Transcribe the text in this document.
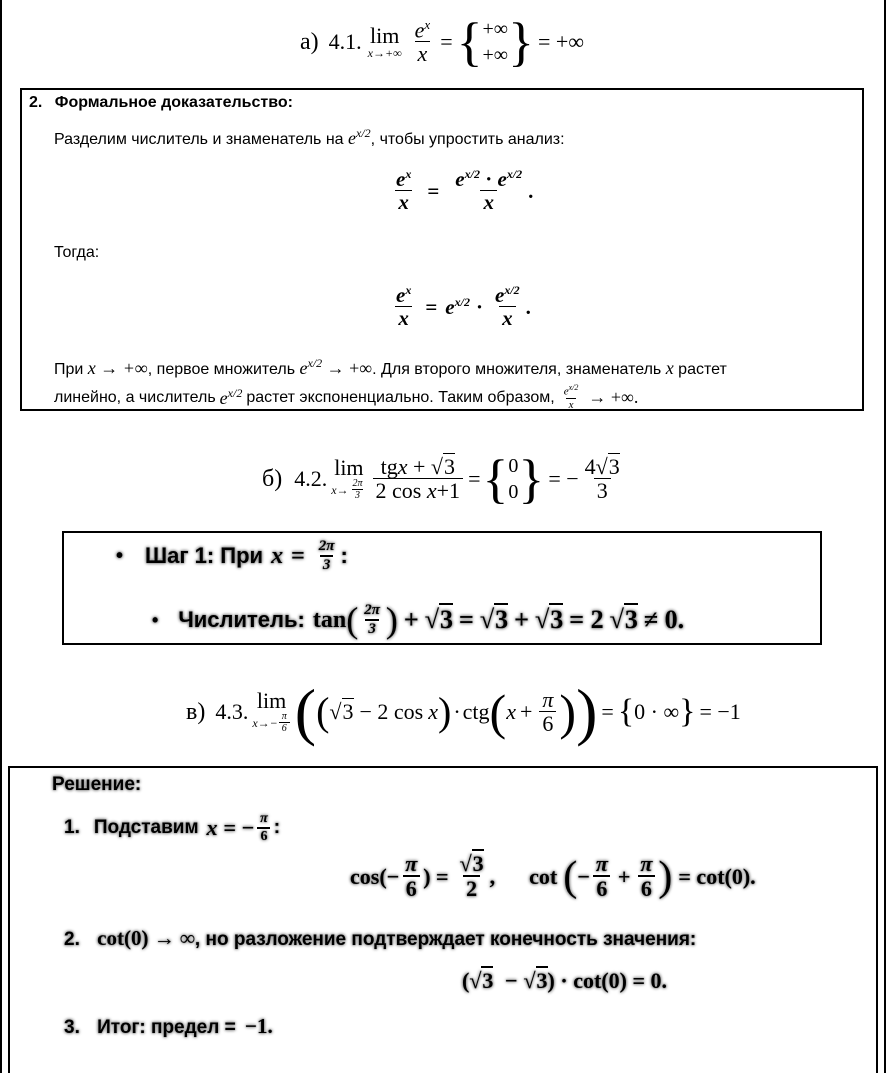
а) 4.1. lim
$x\to+\infty \frac{e^x}{x}$ = { +∞
+∞ } = +∞
2. Формальное доказательство:
Разделим числитель и знаменатель на $e^{x/2}$, чтобы упростить анализ:
$\frac{e^x}{x} = \frac{e^{x/2} \cdot e^{x/2}}{x}$ .
Тогда:
$\frac{e^x}{x} = e^{x/2} \cdot \frac{e^{x/2}}{x}$ .
При x → +∞, первое множитель $e^{x/2}$ → +∞. Для второго множителя, знаменатель x растет
линейно, а числитель $e^{x/2}$ растет экспоненциально. Таким образом, $\frac{e^{x/2}}{x}$ → +∞.
б) 4.2. lim
$x\to \frac{2\pi}{3} \frac{\text{tgx + √3}}{\text{2 cos x+1}}$ = { 0
0 } = − $\frac{4√3}{3}$
• Шаг 1: При $x = \frac{2\pi}{3}$ :
• Числитель: tan ( $\frac{2\pi}{3}$ ) + √3 = √3 + √3 = 2 √3 ≠ 0.
в) 4.3. lim
$x\to- \frac{\pi}{6}$ ( ( √3 − 2 cos x ) · ctg ( $x + \frac{\pi}{6}$ ) ) = { 0 · ∞ } = −1
Решение:
1. Подставим x = − $\frac{\pi}{6}$ :
$\cos(- \frac{\pi}{6}$ ) = $\frac{√3}{2}$ , cot ( − $\frac{\pi}{6} + \frac{\pi}{6}$ ) = cot(0).
2. cot(0) → ∞, но разложение подтверждает конечность значения:
(√3 − √3) · cot(0) = 0.
3. Итог: предел = −1.
